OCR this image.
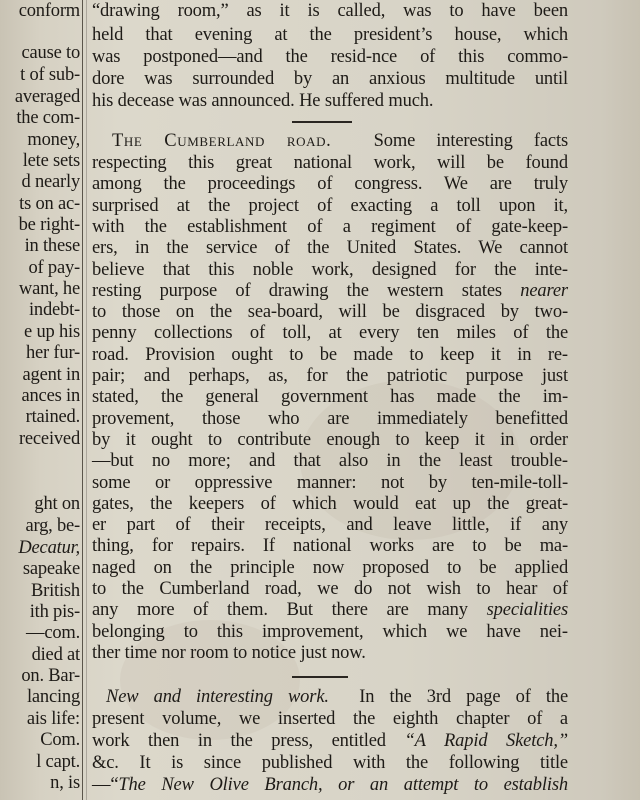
conform
cause to
t of sub-
averaged
the com-
money,
lete sets
d nearly
ts on ac-
be right-
in these
of pay-
want, he
indebt-
e up his
her fur-
agent in
ances in
rtained.
received
ght on
arg, be-
Decatur,
sapeake
British
ith pis-
—com.
died at
on. Bar-
lancing
ais life:
Com.
l capt.
n, is
“drawing room,” as it is called, was to have been
held that evening at the president’s house, which
was postponed—and the resid-nce of this commo-
dore was surrounded by an anxious multitude until
his decease was announced. He suffered much.
The Cumberland road. Some interesting facts
respecting this great national work, will be found
among the proceedings of congress. We are truly
surprised at the project of exacting a toll upon it,
with the establishment of a regiment of gate-keep-
ers, in the service of the United States. We cannot
believe that this noble work, designed for the inte-
resting purpose of drawing the western states nearer
to those on the sea-board, will be disgraced by two-
penny collections of toll, at every ten miles of the
road. Provision ought to be made to keep it in re-
pair; and perhaps, as, for the patriotic purpose just
stated, the general government has made the im-
provement, those who are immediately benefitted
by it ought to contribute enough to keep it in order
—but no more; and that also in the least trouble-
some or oppressive manner: not by ten-mile-toll-
gates, the keepers of which would eat up the great-
er part of their receipts, and leave little, if any
thing, for repairs. If national works are to be ma-
naged on the principle now proposed to be applied
to the Cumberland road, we do not wish to hear of
any more of them. But there are many specialities
belonging to this improvement, which we have nei-
ther time nor room to notice just now.
New and interesting work. In the 3rd page of the
present volume, we inserted the eighth chapter of a
work then in the press, entitled “A Rapid Sketch,”
&c. It is since published with the following title
—“The New Olive Branch, or an attempt to establish
